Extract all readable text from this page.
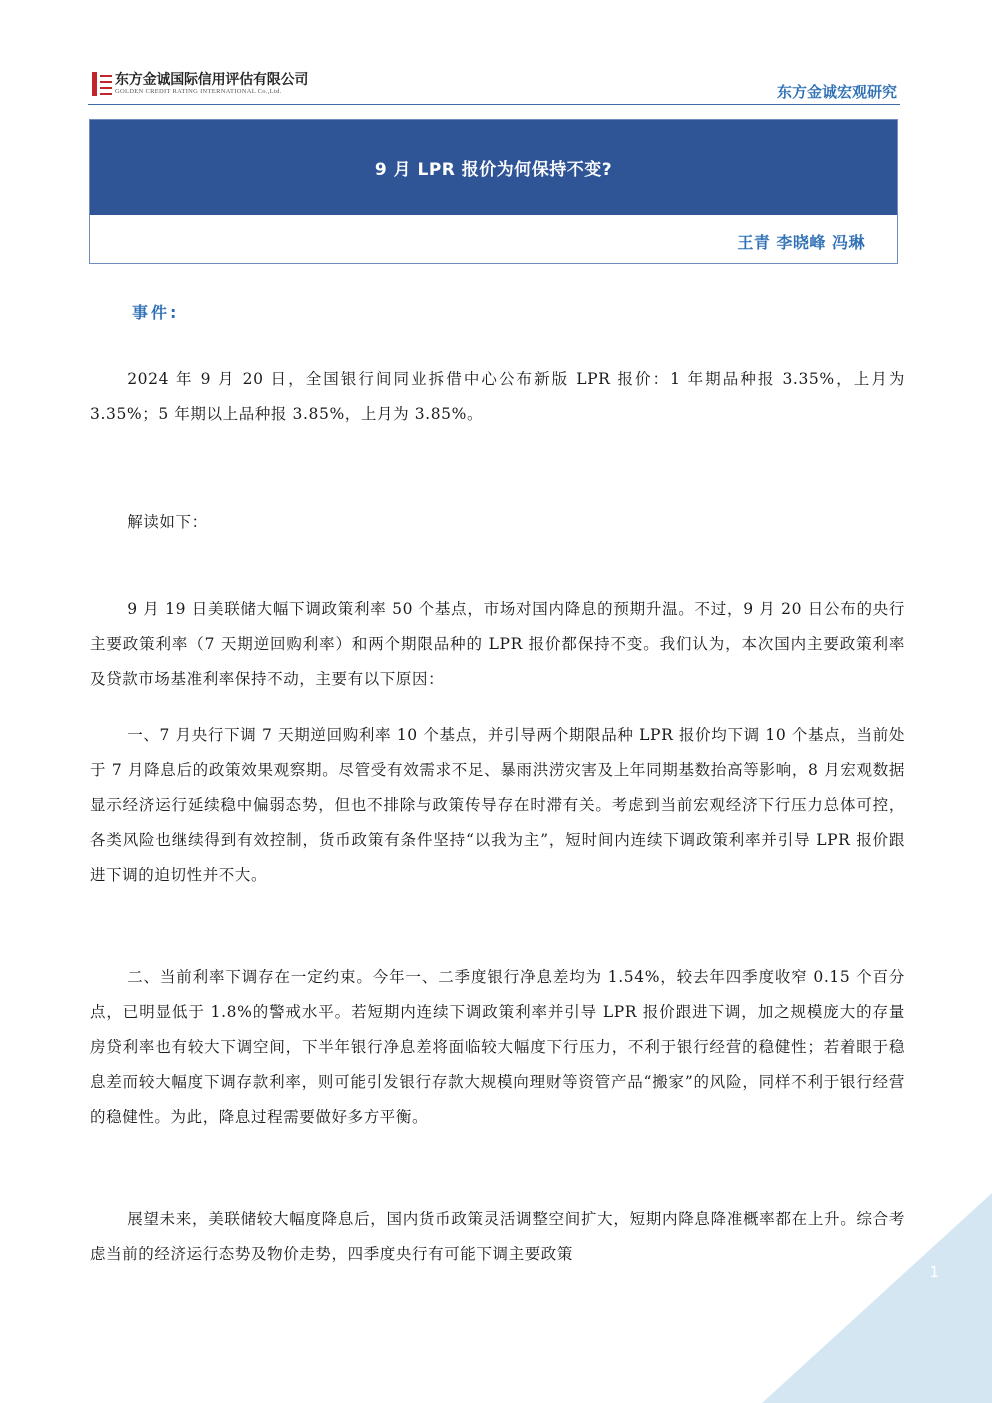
东方金诚国际信用评估有限公司
GOLDEN CREDIT RATING INTERNATIONAL Co.,Ltd.	东方金诚宏观研究
9 月 LPR 报价为何保持不变?
王青 李晓峰 冯琳
事件:

2024 年 9 月 20 日，全国银行间同业拆借中心公布新版 LPR 报价：1 年期品种报 3.35%，上月为 3.35%；5 年期以上品种报 3.85%，上月为 3.85%。

解读如下：

9 月 19 日美联储大幅下调政策利率 50 个基点，市场对国内降息的预期升温。不过，9 月 20 日公布的央行主要政策利率（7 天期逆回购利率）和两个期限品种的 LPR 报价都保持不变。我们认为，本次国内主要政策利率及贷款市场基准利率保持不动，主要有以下原因：

一、7 月央行下调 7 天期逆回购利率 10 个基点，并引导两个期限品种 LPR 报价均下调 10 个基点，当前处于 7 月降息后的政策效果观察期。尽管受有效需求不足、暴雨洪涝灾害及上年同期基数抬高等影响，8 月宏观数据显示经济运行延续稳中偏弱态势，但也不排除与政策传导存在时滞有关。考虑到当前宏观经济下行压力总体可控，各类风险也继续得到有效控制，货币政策有条件坚持“以我为主”，短时间内连续下调政策利率并引导 LPR 报价跟进下调的迫切性并不大。

二、当前利率下调存在一定约束。今年一、二季度银行净息差均为 1.54%，较去年四季度收窄 0.15 个百分点，已明显低于 1.8%的警戒水平。若短期内连续下调政策利率并引导 LPR 报价跟进下调，加之规模庞大的存量房贷利率也有较大下调空间，下半年银行净息差将面临较大幅度下行压力，不利于银行经营的稳健性；若着眼于稳息差而较大幅度下调存款利率，则可能引发银行存款大规模向理财等资管产品“搬家”的风险，同样不利于银行经营的稳健性。为此，降息过程需要做好多方平衡。

展望未来，美联储较大幅度降息后，国内货币政策灵活调整空间扩大，短期内降息降准概率都在上升。综合考虑当前的经济运行态势及物价走势，四季度央行有可能下调主要政策

1
